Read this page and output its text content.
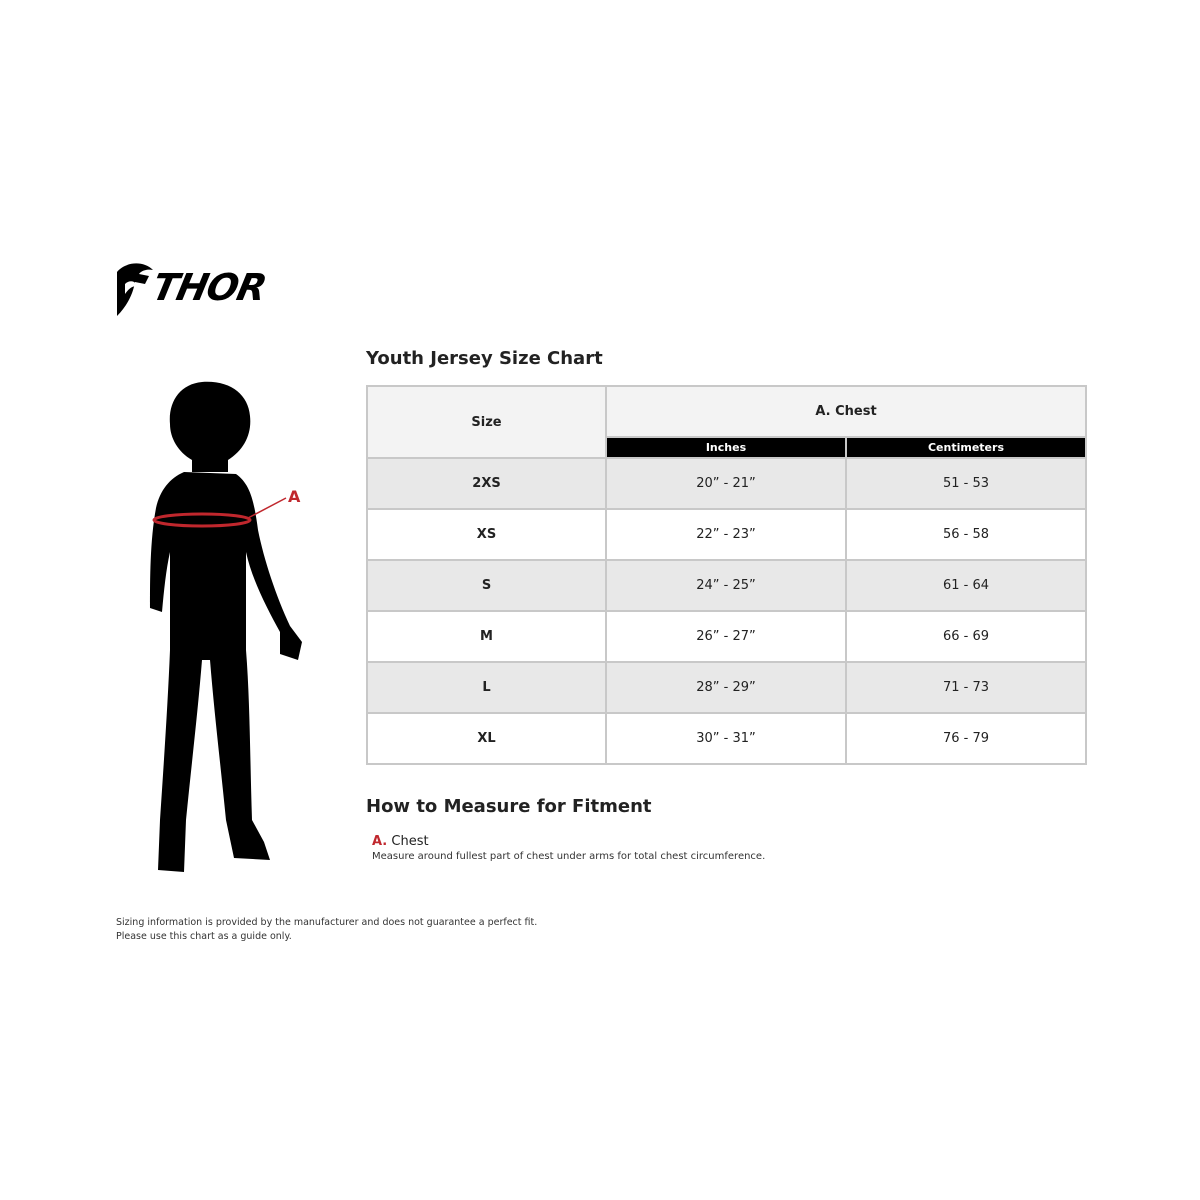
THOR
A
Youth Jersey Size Chart
Size	A. Chest	
	Inches	Centimeters
2XS	20” - 21”	51 - 53
XS	22” - 23”	56 - 58
S	24” - 25”	61 - 64
M	26” - 27”	66 - 69
L	28” - 29”	71 - 73
XL	30” - 31”	76 - 79
How to Measure for Fitment
A. Chest
Measure around fullest part of chest under arms for total chest circumference.
Sizing information is provided by the manufacturer and does not guarantee a perfect fit.
Please use this chart as a guide only.
